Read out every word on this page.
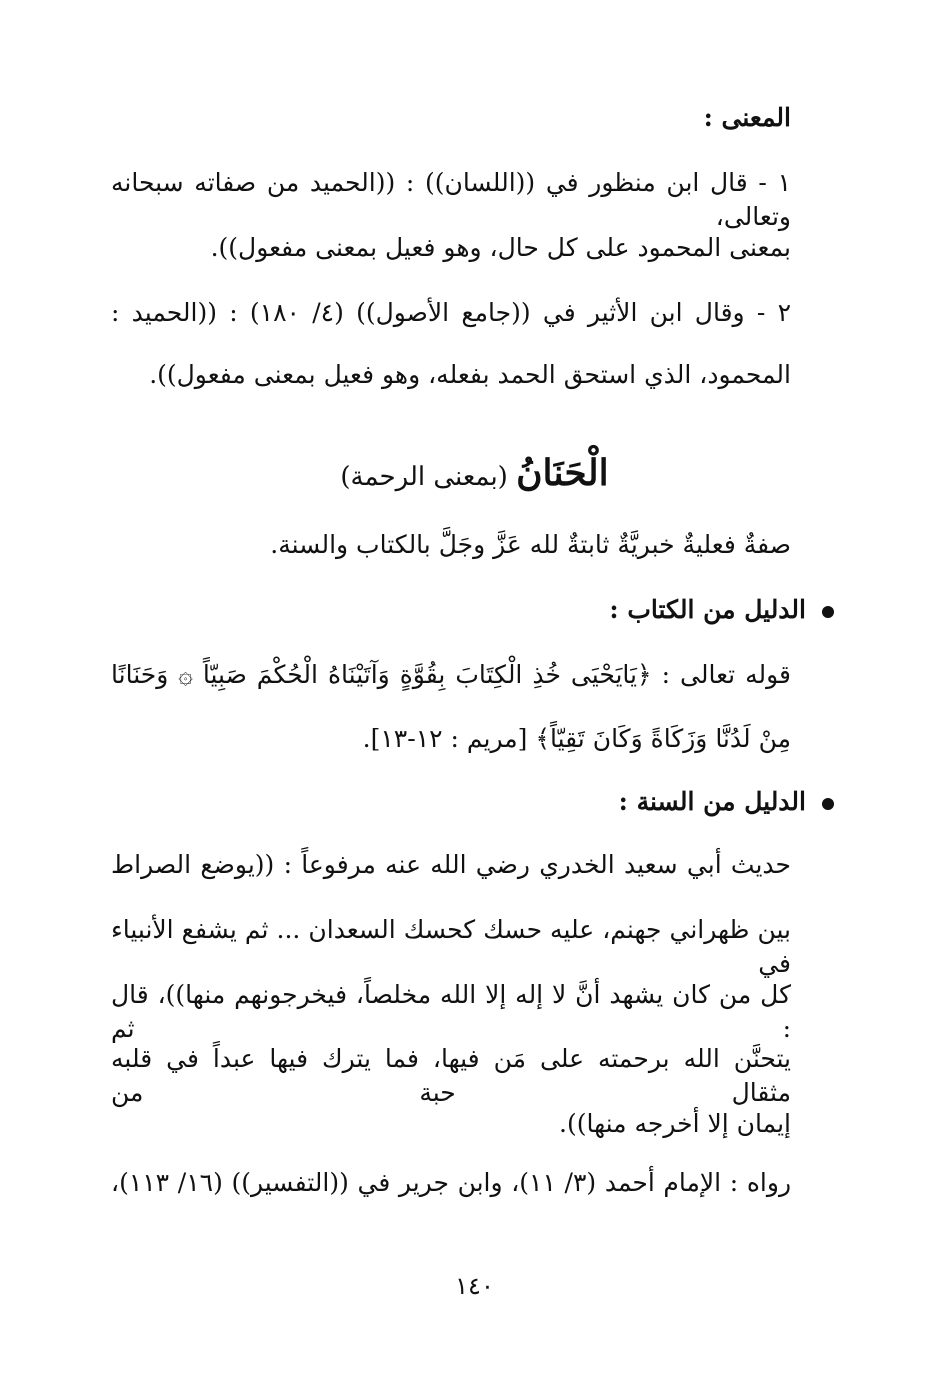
المعنى :
١ - قال ابن منظور في ((اللسان)) : ((الحميد من صفاته سبحانه وتعالى،
بمعنى المحمود على كل حال، وهو فعيل بمعنى مفعول)).
٢ - وقال ابن الأثير في ((جامع الأصول)) (٤/ ١٨٠) : ((الحميد :
المحمود، الذي استحق الحمد بفعله، وهو فعيل بمعنى مفعول)).
الْحَنَانُ (بمعنى الرحمة)
صفةٌ فعليةٌ خبريَّةٌ ثابتةٌ لله عَزَّ وجَلَّ بالكتاب والسنة.
الدليل من الكتاب :
قوله تعالى : ﴿يَايَحْيَى خُذِ الْكِتَابَ بِقُوَّةٍ وَآتَيْنَاهُ الْحُكْمَ صَبِيّاً ۞ وَحَنَانًا
مِنْ لَدُنَّا وَزَكَاةً وَكَانَ تَقِيّاً﴾ [مريم : ١٢-١٣].
الدليل من السنة :
حديث أبي سعيد الخدري رضي الله عنه مرفوعاً : ((يوضع الصراط
بين ظهراني جهنم، عليه حسك كحسك السعدان ... ثم يشفع الأنبياء في
كل من كان يشهد أنَّ لا إله إلا الله مخلصاً، فيخرجونهم منها))، قال : ثم
يتحنَّن الله برحمته على مَن فيها، فما يترك فيها عبداً في قلبه مثقال حبة من
إيمان إلا أخرجه منها)).
رواه : الإمام أحمد (٣/ ١١)، وابن جرير في ((التفسير)) (١٦/ ١١٣)،
١٤٠
